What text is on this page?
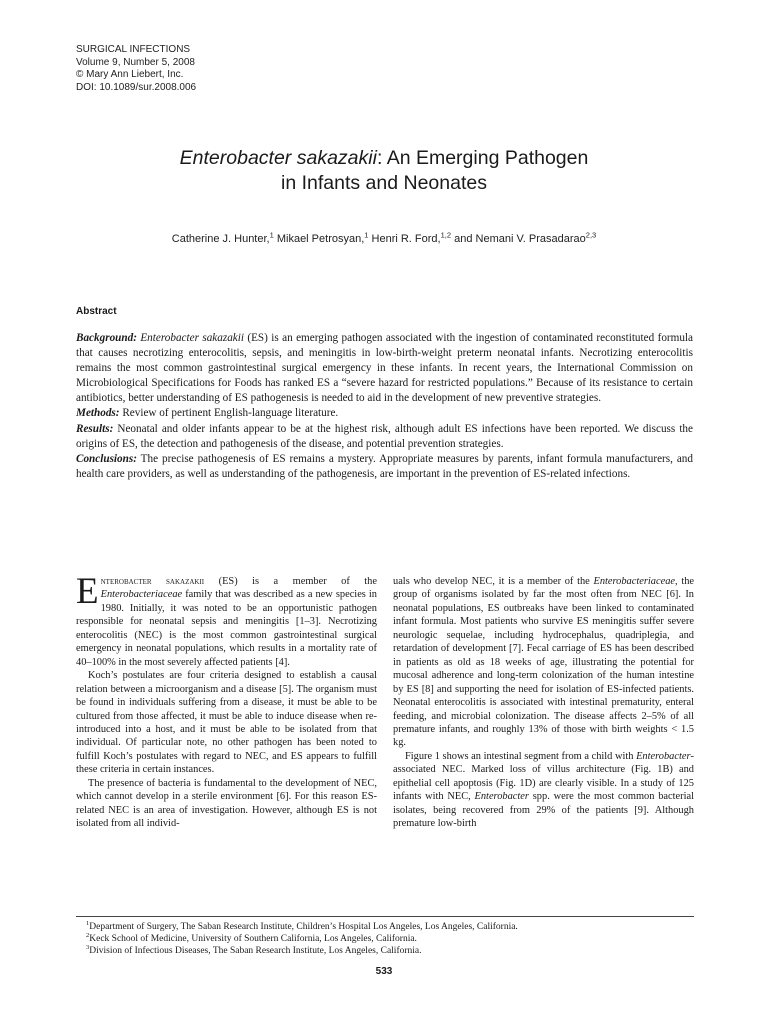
SURGICAL INFECTIONS
Volume 9, Number 5, 2008
© Mary Ann Liebert, Inc.
DOI: 10.1089/sur.2008.006
Enterobacter sakazakii: An Emerging Pathogen
in Infants and Neonates
Catherine J. Hunter,$^1$ Mikael Petrosyan,$^1$ Henri R. Ford,$^{1,2}$ and Nemani V. Prasadarao$^{2,3}$
Abstract

Background: Enterobacter sakazakii (ES) is an emerging pathogen associated with the ingestion of contaminated reconstituted formula that causes necrotizing enterocolitis, sepsis, and meningitis in low-birth-weight preterm neonatal infants. Necrotizing enterocolitis remains the most common gastrointestinal surgical emergency in these infants. In recent years, the International Commission on Microbiological Specifications for Foods has ranked ES a “severe hazard for restricted populations.” Because of its resistance to certain antibiotics, better understanding of ES pathogenesis is needed to aid in the development of new preventive strategies.

Methods: Review of pertinent English-language literature.

Results: Neonatal and older infants appear to be at the highest risk, although adult ES infections have been reported. We discuss the origins of ES, the detection and pathogenesis of the disease, and potential prevention strategies.

Conclusions: The precise pathogenesis of ES remains a mystery. Appropriate measures by parents, infant formula manufacturers, and health care providers, as well as understanding of the pathogenesis, are important in the prevention of ES-related infections.

Enterobacter sakazakii (ES) is a member of the Enterobacteriaceae family that was described as a new species in 1980. Initially, it was noted to be an opportunistic pathogen responsible for neonatal sepsis and meningitis [1–3]. Necrotizing enterocolitis (NEC) is the most common gastrointestinal surgical emergency in neonatal populations, which results in a mortality rate of 40–100% in the most severely affected patients [4].

Koch’s postulates are four criteria designed to establish a causal relation between a microorganism and a disease [5]. The organism must be found in individuals suffering from a disease, it must be able to be cultured from those affected, it must be able to induce disease when re-introduced into a host, and it must be able to be isolated from that individual. Of particular note, no other pathogen has been noted to fulfill Koch’s postulates with regard to NEC, and ES appears to fulfill these criteria in certain instances.

The presence of bacteria is fundamental to the development of NEC, which cannot develop in a sterile environment [6]. For this reason ES-related NEC is an area of investigation. However, although ES is not isolated from all individ-

uals who develop NEC, it is a member of the Enterobacteriaceae, the group of organisms isolated by far the most often from NEC [6]. In neonatal populations, ES outbreaks have been linked to contaminated infant formula. Most patients who survive ES meningitis suffer severe neurologic sequelae, including hydrocephalus, quadriplegia, and retardation of development [7]. Fecal carriage of ES has been described in patients as old as 18 weeks of age, illustrating the potential for mucosal adherence and long-term colonization of the human intestine by ES [8] and supporting the need for isolation of ES-infected patients. Neonatal enterocolitis is associated with intestinal prematurity, enteral feeding, and microbial colonization. The disease affects 2–5% of all premature infants, and roughly 13% of those with birth weights < 1.5 kg.

Figure 1 shows an intestinal segment from a child with Enterobacter-associated NEC. Marked loss of villus architecture (Fig. 1B) and epithelial cell apoptosis (Fig. 1D) are clearly visible. In a study of 125 infants with NEC, Enterobacter spp. were the most common bacterial isolates, being recovered from 29% of the patients [9]. Although premature low-birth

$^1$Department of Surgery, The Saban Research Institute, Children’s Hospital Los Angeles, Los Angeles, California.
$^2$Keck School of Medicine, University of Southern California, Los Angeles, California.
$^3$Division of Infectious Diseases, The Saban Research Institute, Los Angeles, California.
533
